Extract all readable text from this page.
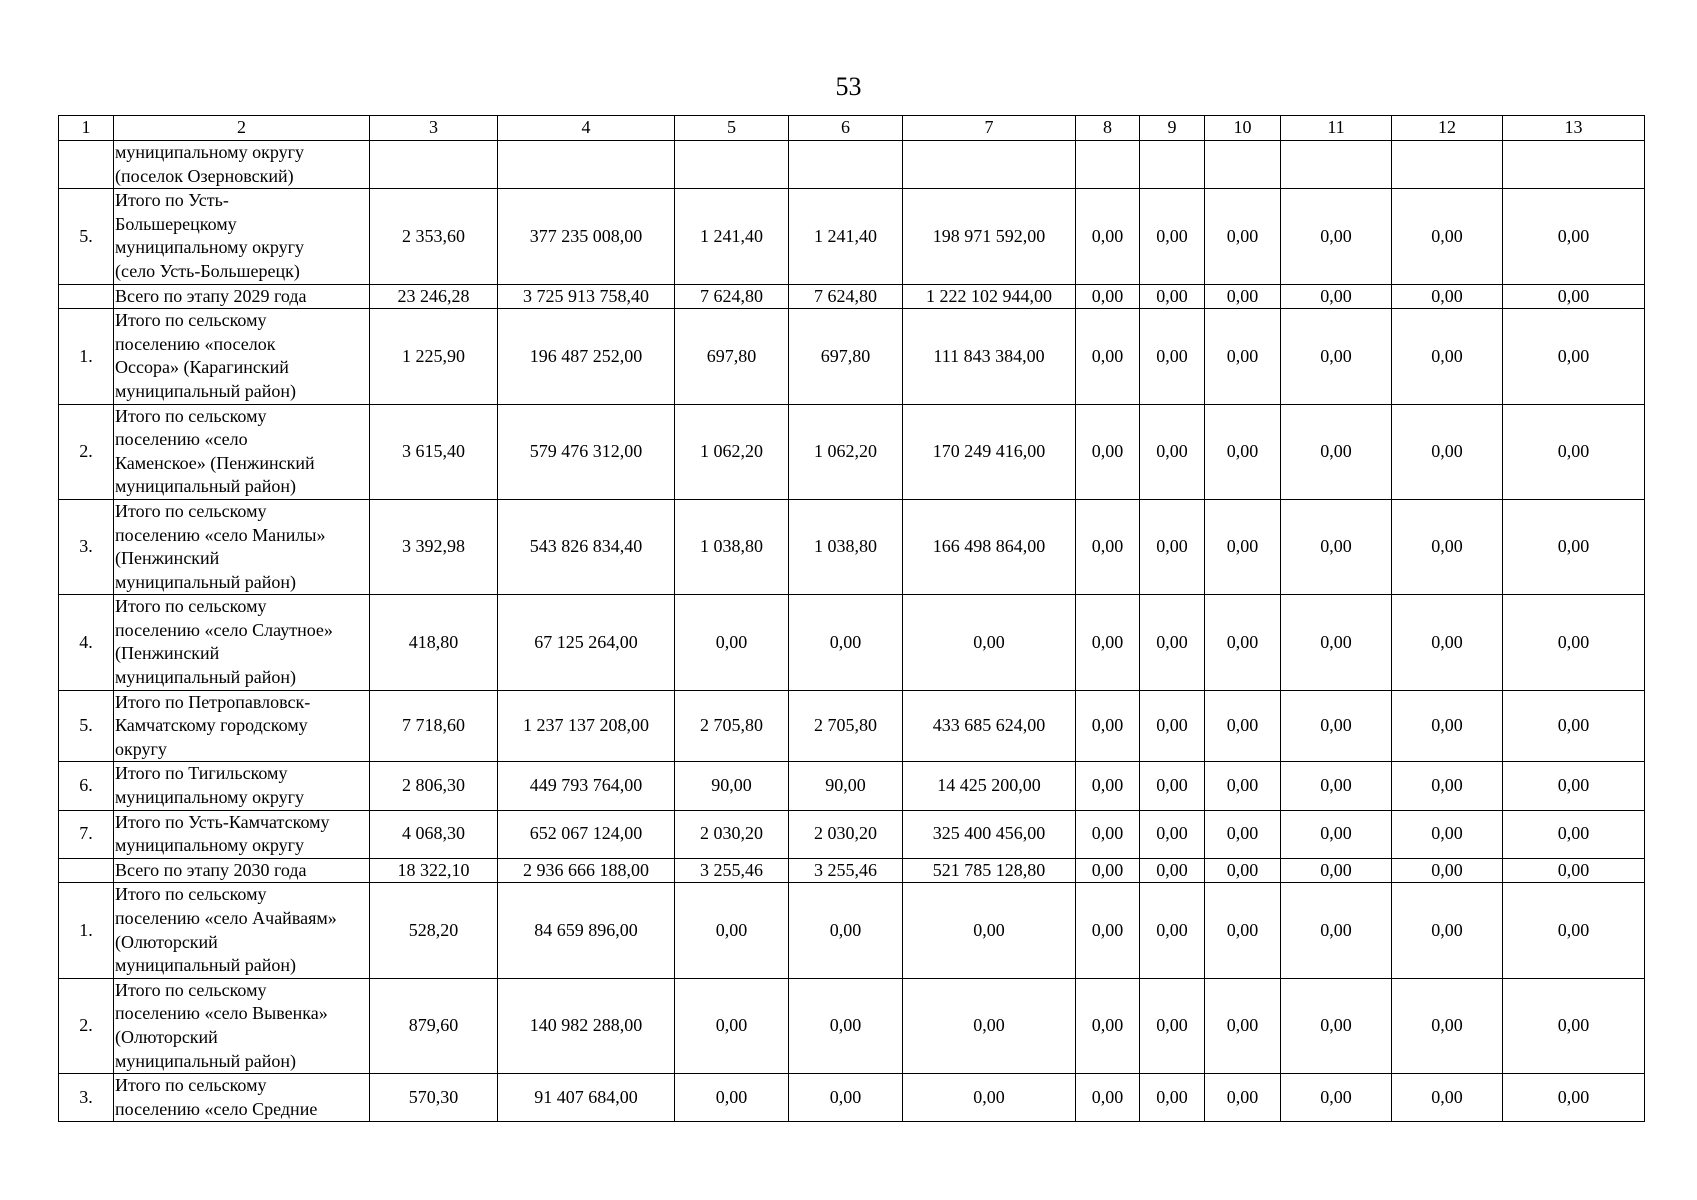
53
1	2	3	4	5	6	7	8	9	10	11	12	13
	муниципальному округу
(поселок Озерновский)											
5.	Итого по Усть-
Большерецкому
муниципальному округу
(село Усть-Большерецк)	2 353,60	377 235 008,00	1 241,40	1 241,40	198 971 592,00	0,00	0,00	0,00	0,00	0,00	0,00
	Всего по этапу 2029 года	23 246,28	3 725 913 758,40	7 624,80	7 624,80	1 222 102 944,00	0,00	0,00	0,00	0,00	0,00	0,00
1.	Итого по сельскому
поселению «поселок
Оссора» (Карагинский
муниципальный район)	1 225,90	196 487 252,00	697,80	697,80	111 843 384,00	0,00	0,00	0,00	0,00	0,00	0,00
2.	Итого по сельскому
поселению «село
Каменское» (Пенжинский
муниципальный район)	3 615,40	579 476 312,00	1 062,20	1 062,20	170 249 416,00	0,00	0,00	0,00	0,00	0,00	0,00
3.	Итого по сельскому
поселению «село Манилы»
(Пенжинский
муниципальный район)	3 392,98	543 826 834,40	1 038,80	1 038,80	166 498 864,00	0,00	0,00	0,00	0,00	0,00	0,00
4.	Итого по сельскому
поселению «село Слаутное»
(Пенжинский
муниципальный район)	418,80	67 125 264,00	0,00	0,00	0,00	0,00	0,00	0,00	0,00	0,00	0,00
5.	Итого по Петропавловск-
Камчатскому городскому
округу	7 718,60	1 237 137 208,00	2 705,80	2 705,80	433 685 624,00	0,00	0,00	0,00	0,00	0,00	0,00
6.	Итого по Тигильскому
муниципальному округу	2 806,30	449 793 764,00	90,00	90,00	14 425 200,00	0,00	0,00	0,00	0,00	0,00	0,00
7.	Итого по Усть-Камчатскому
муниципальному округу	4 068,30	652 067 124,00	2 030,20	2 030,20	325 400 456,00	0,00	0,00	0,00	0,00	0,00	0,00
	Всего по этапу 2030 года	18 322,10	2 936 666 188,00	3 255,46	3 255,46	521 785 128,80	0,00	0,00	0,00	0,00	0,00	0,00
1.	Итого по сельскому
поселению «село Ачайваям»
(Олюторский
муниципальный район)	528,20	84 659 896,00	0,00	0,00	0,00	0,00	0,00	0,00	0,00	0,00	0,00
2.	Итого по сельскому
поселению «село Вывенка»
(Олюторский
муниципальный район)	879,60	140 982 288,00	0,00	0,00	0,00	0,00	0,00	0,00	0,00	0,00	0,00
3.	Итого по сельскому
поселению «село Средние	570,30	91 407 684,00	0,00	0,00	0,00	0,00	0,00	0,00	0,00	0,00	0,00
